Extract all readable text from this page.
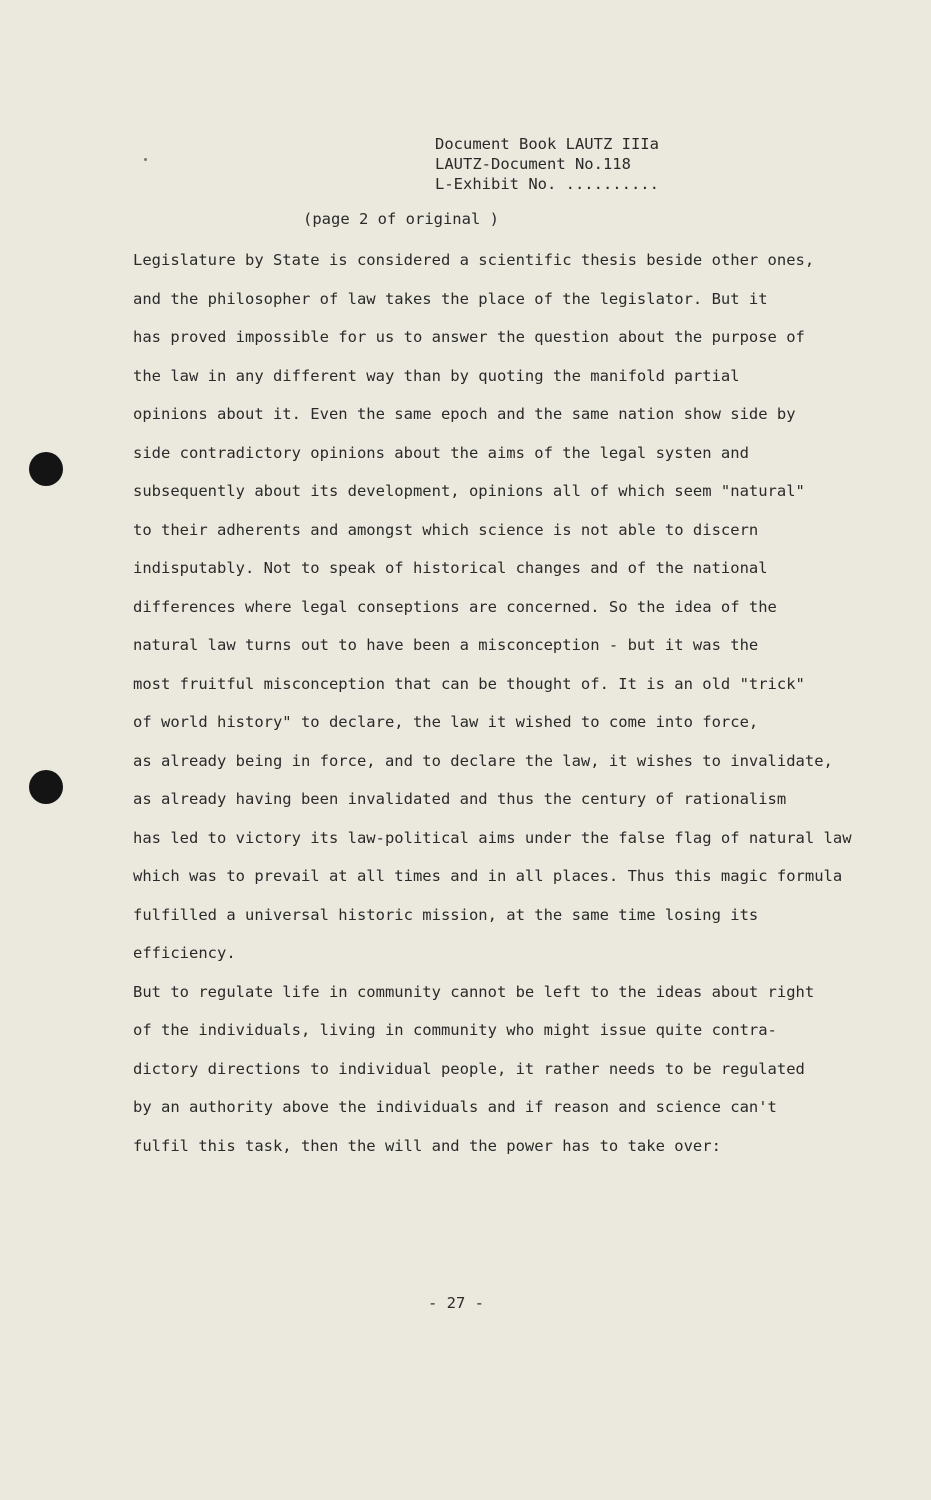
Document Book LAUTZ IIIa
LAUTZ-Document No.118
L-Exhibit No. ..........
(page 2 of original )
Legislature by State is considered a scientific thesis beside other ones,
and the philosopher of law takes the place of the legislator. But it
has proved impossible for us to answer the question about the purpose of
the law in any different way than by quoting the manifold partial
opinions about it. Even the same epoch and the same nation show side by
side contradictory opinions about the aims of the legal systen and
subsequently about its development, opinions all of which seem "natural"
to their adherents and amongst which science is not able to discern
indisputably. Not to speak of historical changes and of the national
differences where legal conseptions are concerned. So the idea of the
natural law turns out to have been a misconception - but it was the
most fruitful misconception that can be thought of. It is an old "trick"
of world history" to declare, the law it wished to come into force,
as already being in force, and to declare the law, it wishes to invalidate,
as already having been invalidated and thus the century of rationalism
has led to victory its law-political aims under the false flag of natural law
which was to prevail at all times and in all places. Thus this magic formula
fulfilled a universal historic mission, at the same time losing its
efficiency.
But to regulate life in community cannot be left to the ideas about right
of the individuals, living in community who might issue quite contra-
dictory directions to individual people, it rather needs to be regulated
by an authority above the individuals and if reason and science can't
fulfil this task, then the will and the power has to take over:
- 27 -
